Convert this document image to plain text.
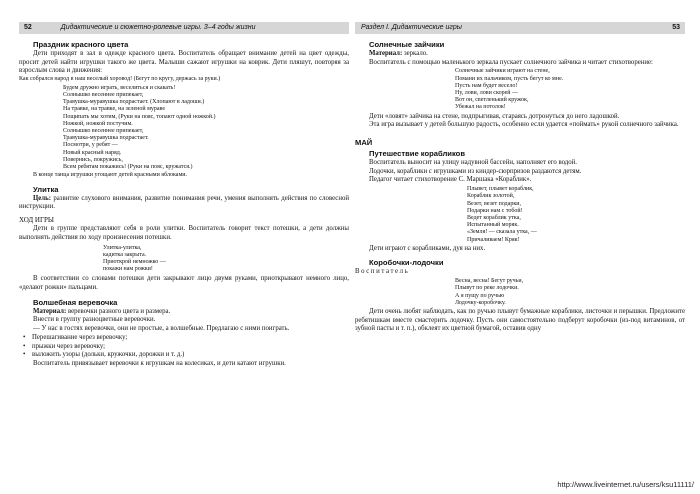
52	Дидактические и сюжетно-ролевые игры. 3–4 годы жизни
Праздник красного цвета

Дети приходят в зал в одежде красного цвета. Воспитатель обращает внимание детей на цвет одежды, просит детей найти игрушки такого же цвета. Малыши сажают игрушки на коврик. Дети пляшут, повторяя за взрослым слова и движения:

Как собрался народ в наш веселый хоровод! (Бегут по кругу, держась за руки.)

Будем дружно играть, веселиться и скакать!
Солнышко весеннее припекает,
Травушка-муравушка подрастает. (Хлопают в ладоши.)
На травке, на травке, на зеленой мураве
Пощипать мы хотим, (Руки на пояс, топают одной ножкой.)
Ножкой, ножкой постучим.
Солнышко весеннее припекает,
Травушка-муравушка подрастает.
Посмотри, у ребят —
Новый красный наряд.
Повернись, покружись,
Всем ребятам покажись! (Руки на пояс, кружатся.)

В конце танца игрушки угощают детей красными яблоками.

Улитка

Цель: развитие слухового внимания, развитие понимания речи, умения выполнять действия по словесной инструкции.

ХОД ИГРЫ

Дети в группе представляют себя в роли улитки. Воспитатель говорит текст потешки, а дети должны выполнять действия по ходу произнесения потешки.

Улитка-улитка,
кадитка закрыта.
Приоткрой немножко —
покажи нам рожки!

В соответствии со словами потешки дети закрывают лицо двумя руками, приоткрывают немного лицо, «делают рожки» пальцами.

Волшебная веревочка

Материал: веревочки разного цвета и размера.

Внести в группу разноцветные веревочки.

— У нас в гостях веревочки, они не простые, а волшебные. Предлагаю с ними поиграть.

• Перешагивание через веревочку;
• прыжки через веревочку;
• выложить узоры (дольки, кружочки, дорожки и т. д.)

Воспитатель привязывает веревочки к игрушкам на колесиках, и дети катают игрушки.

Раздел I. Дидактические игры	53
Солнечные зайчики

Материал: зеркало.

Воспитатель с помощью маленького зеркала пускает солнечного зайчика и читает стихотворение:

Солнечные зайчики играют на стене,
Помани их пальчиком, пусть бегут ко мне.
Пусть нам будет весело!
Ну, лови, лови скорей —
Вот он, светленький кружок,
Убежал на потолок!

Дети «ловят» зайчика на стене, подпрыгивая, стараясь дотронуться до него ладошкой.

Эта игра вызывает у детей большую радость, особенно если удается «поймать» рукой солнечного зайчика.

МАЙ
Путешествие корабликов

Воспитатель выносит на улицу надувной бассейн, наполняет его водой.

Лодочки, кораблики с игрушками из киндер-сюрпризов раздаются детям.

Педагог читает стихотворение С. Маршака «Кораблик».

Плывет, плывет кораблик,
Кораблик золотой,
Везет, везет подарки,
Подарки нам с тобой!
Ведет кораблик утка,
Испытанный моряк.
«Земля! — сказала утка, —
Причаливаем! Кряк!

Дети играют с корабликами, дуя на них.

Коробочки-лодочки

Воспитатель

Весна, весна! Бегут ручьи,
Плывут по реке лодочки.
А я пущу по ручью
Лодочку-коробочку.

Дети очень любят наблюдать, как по ручью плывут бумажные кораблики, листочки и перышки. Предложите ребятишкам вместе смастерить лодочку. Пусть они самостоятельно подберут коробочки (из-под витаминов, от зубной пасты и т. п.), обклеят их цветной бумагой, оставив одну

http://www.liveinternet.ru/users/ksu11111/
